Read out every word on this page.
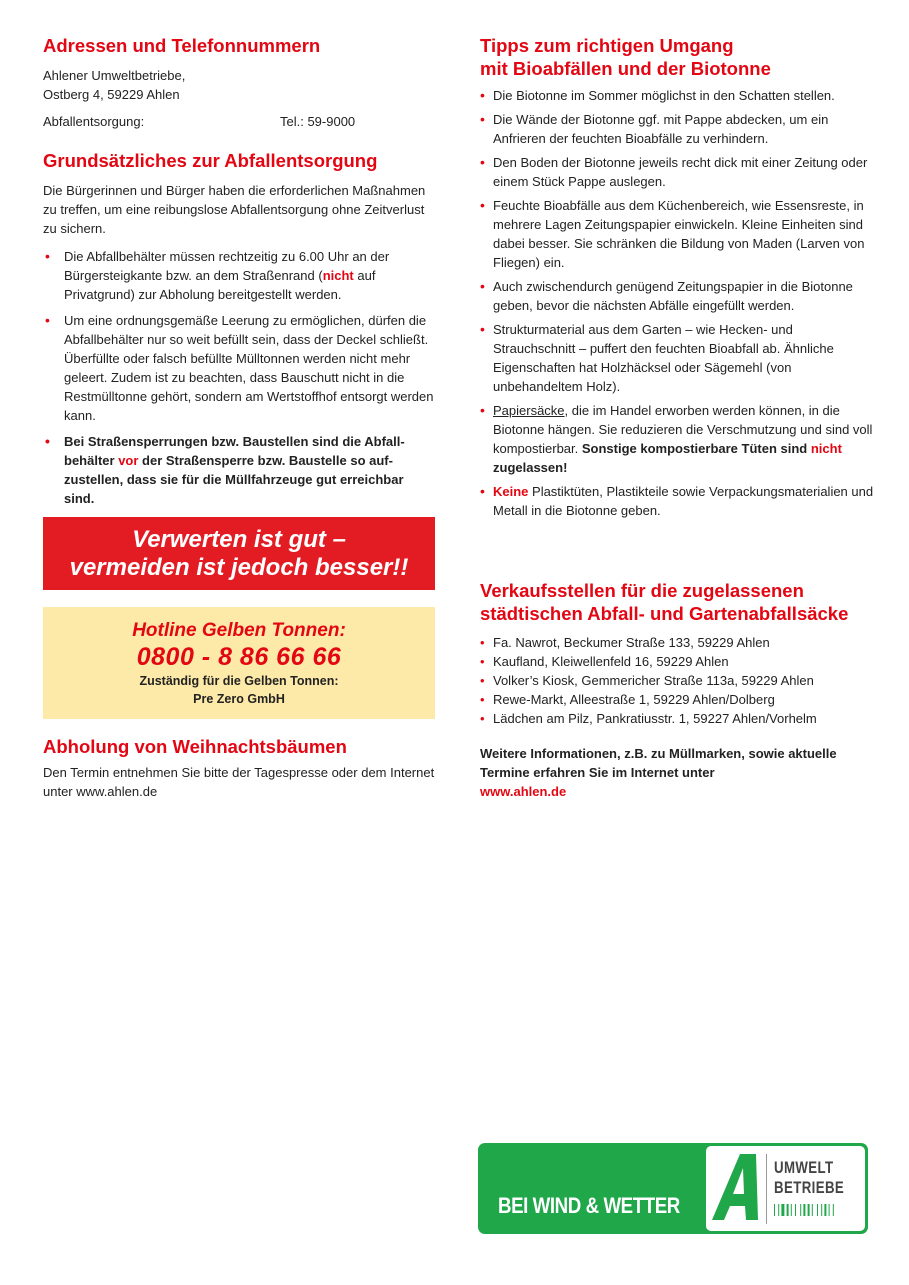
Adressen und Telefonnummern

Ahlener Umweltbetriebe,

Ostberg 4, 59229 Ahlen

Abfallentsorgung:	Tel.: 59-9000
Grundsätzliches zur Abfallentsorgung

Die Bürgerinnen und Bürger haben die erforderlichen Maßnahmen zu treffen, um eine reibungslose Abfallentsorgung ohne Zeitverlust zu sichern.

• Die Abfallbehälter müssen rechtzeitig zu 6.00 Uhr an der Bürgersteigkante bzw. an dem Straßenrand (nicht auf Privatgrund) zur Abholung bereitgestellt werden.
• Um eine ordnungsgemäße Leerung zu ermöglichen, dürfen die Abfallbehälter nur so weit befüllt sein, dass der Deckel schließt. Überfüllte oder falsch befüllte Mülltonnen werden nicht mehr geleert. Zudem ist zu beachten, dass Bauschutt nicht in die Restmülltonne gehört, sondern am Wertstoffhof entsorgt werden kann.
• Bei Straßensperrungen bzw. Baustellen sind die Abfallbehälter vor der Straßensperre bzw. Baustelle so aufzustellen, dass sie für die Müllfahrzeuge gut erreichbar sind.
Verwerten ist gut –
vermeiden ist jedoch besser!!
Hotline Gelben Tonnen:
0800 - 8 86 66 66
Zuständig für die Gelben Tonnen:
Pre Zero GmbH
Abholung von Weihnachtsbäumen

Den Termin entnehmen Sie bitte der Tagespresse oder dem Internet unter www.ahlen.de

Tipps zum richtigen Umgang
mit Bioabfällen und der Biotonne
• Die Biotonne im Sommer möglichst in den Schatten stellen.
• Die Wände der Biotonne ggf. mit Pappe abdecken, um ein Anfrieren der feuchten Bioabfälle zu verhindern.
• Den Boden der Biotonne jeweils recht dick mit einer Zeitung oder einem Stück Pappe auslegen.
• Feuchte Bioabfälle aus dem Küchenbereich, wie Essensreste, in mehrere Lagen Zeitungspapier einwickeln. Kleine Einheiten sind dabei besser. Sie schränken die Bildung von Maden (Larven von Fliegen) ein.
• Auch zwischendurch genügend Zeitungspapier in die Biotonne geben, bevor die nächsten Abfälle eingefüllt werden.
• Strukturmaterial aus dem Garten – wie Hecken- und Strauchschnitt – puffert den feuchten Bioabfall ab. Ähnliche Eigenschaften hat Holzhäcksel oder Sägemehl (von unbehandeltem Holz).
• Papiersäcke, die im Handel erworben werden können, in die Biotonne hängen. Sie reduzieren die Verschmutzung und sind voll kompostierbar. Sonstige kompostierbare Tüten sind nicht zugelassen!
• Keine Plastiktüten, Plastikteile sowie Verpackungsmaterialien und Metall in die Biotonne geben.
Verkaufsstellen für die zugelassenen
städtischen Abfall- und Gartenabfallsäcke
• Fa. Nawrot, Beckumer Straße 133, 59229 Ahlen
• Kaufland, Kleiwellenfeld 16, 59229 Ahlen
• Volker’s Kiosk, Gemmericher Straße 113a, 59229 Ahlen
• Rewe-Markt, Alleestraße 1, 59229 Ahlen/Dolberg
• Lädchen am Pilz, Pankratiusstr. 1, 59227 Ahlen/Vorhelm
Weitere Informationen, z.B. zu Müllmarken, sowie aktuelle Termine erfahren Sie im Internet unter
www.ahlen.de
BEI WIND & WETTER
UMWELT
BETRIEBE
